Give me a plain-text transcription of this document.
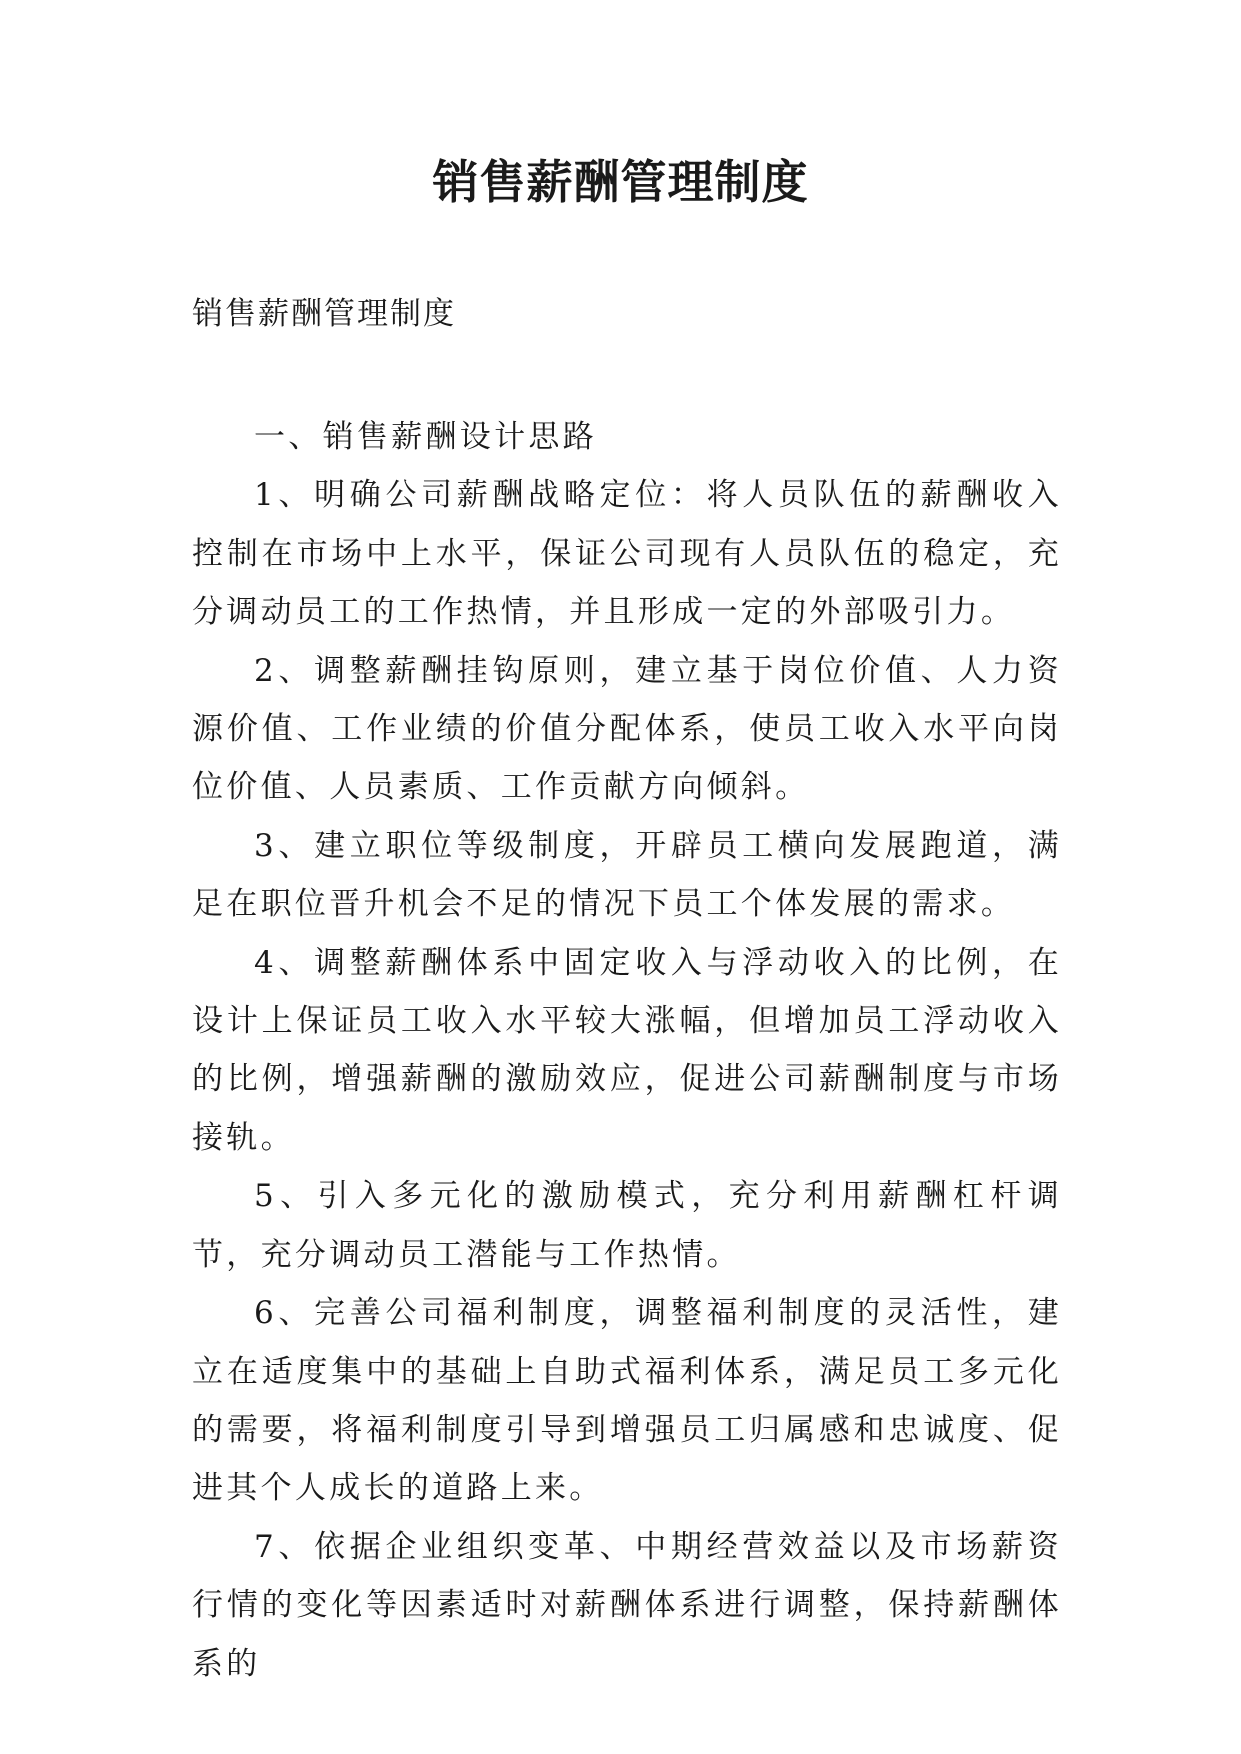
销售薪酬管理制度

销售薪酬管理制度

一、销售薪酬设计思路

1、明确公司薪酬战略定位：将人员队伍的薪酬收入控制在市场中上水平，保证公司现有人员队伍的稳定，充分调动员工的工作热情，并且形成一定的外部吸引力。

2、调整薪酬挂钩原则，建立基于岗位价值、人力资源价值、工作业绩的价值分配体系，使员工收入水平向岗位价值、人员素质、工作贡献方向倾斜。

3、建立职位等级制度，开辟员工横向发展跑道，满足在职位晋升机会不足的情况下员工个体发展的需求。

4、调整薪酬体系中固定收入与浮动收入的比例，在设计上保证员工收入水平较大涨幅，但增加员工浮动收入的比例，增强薪酬的激励效应，促进公司薪酬制度与市场接轨。

5、引入多元化的激励模式，充分利用薪酬杠杆调节，充分调动员工潜能与工作热情。

6、完善公司福利制度，调整福利制度的灵活性，建立在适度集中的基础上自助式福利体系，满足员工多元化的需要，将福利制度引导到增强员工归属感和忠诚度、促进其个人成长的道路上来。

7、依据企业组织变革、中期经营效益以及市场薪资行情的变化等因素适时对薪酬体系进行调整，保持薪酬体系的
